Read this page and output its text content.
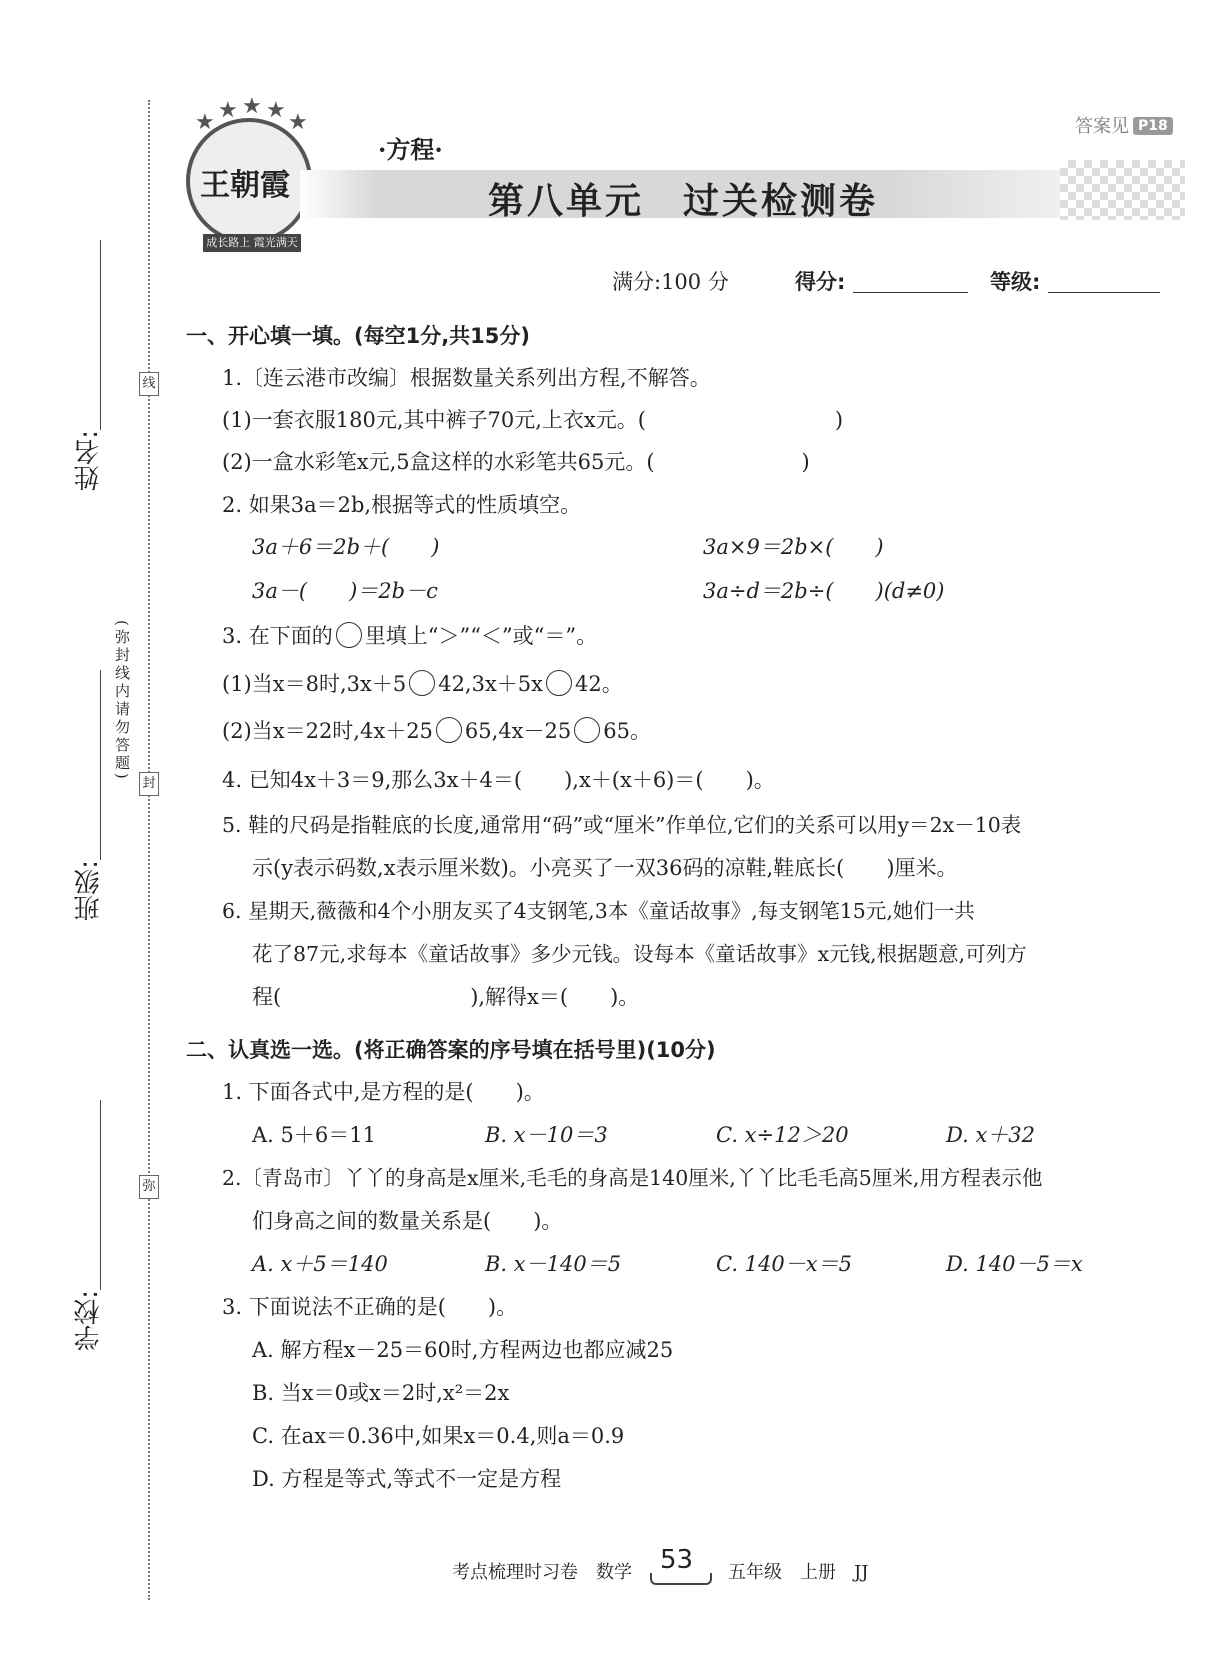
线
封
弥
(弥封线内请勿答题)
姓名:
班级:
学校:
★ ★ ★ ★ ★
王朝霞
成长路上 霞光满天
·方程·
第八单元　过关检测卷
答案见 P18
满分:100 分	得分:	等级:
一、开心填一填。(每空1分,共15分)
1.〔连云港市改编〕根据数量关系列出方程,不解答。
(1)一套衣服180元,其中裤子70元,上衣x元。(　　　　　　　　　)
(2)一盒水彩笔x元,5盒这样的水彩笔共65元。(　　　　　　　)
2. 如果3a＝2b,根据等式的性质填空。
3a＋6＝2b＋(　　)	3a×9＝2b×(　　)
3a－(　　)＝2b－c	3a÷d＝2b÷(　　)(d≠0)
3. 在下面的 里填上“＞”“＜”或“＝”。
(1)当x＝8时,3x＋5 42,3x＋5x 42。
(2)当x＝22时,4x＋25 65,4x－25 65。
4. 已知4x＋3＝9,那么3x＋4＝(　　),x＋(x＋6)＝(　　)。
5. 鞋的尺码是指鞋底的长度,通常用“码”或“厘米”作单位,它们的关系可以用y＝2x－10表
示(y表示码数,x表示厘米数)。小亮买了一双36码的凉鞋,鞋底长(　　)厘米。
6. 星期天,薇薇和4个小朋友买了4支钢笔,3本《童话故事》,每支钢笔15元,她们一共
花了87元,求每本《童话故事》多少元钱。设每本《童话故事》x元钱,根据题意,可列方
程(　　　　　　　　　),解得x＝(　　)。
二、认真选一选。(将正确答案的序号填在括号里)(10分)
1. 下面各式中,是方程的是(　　)。
A. 5＋6＝11	B. x－10＝3	C. x÷12＞20	D. x＋32
2.〔青岛市〕丫丫的身高是x厘米,毛毛的身高是140厘米,丫丫比毛毛高5厘米,用方程表示他
们身高之间的数量关系是(　　)。
A. x＋5＝140	B. x－140＝5	C. 140－x＝5	D. 140－5＝x
3. 下面说法不正确的是(　　)。
A. 解方程x－25＝60时,方程两边也都应减25
B. 当x＝0或x＝2时,x²＝2x
C. 在ax＝0.36中,如果x＝0.4,则a＝0.9
D. 方程是等式,等式不一定是方程
考点梳理时习卷　数学 53 五年级　上册　JJ
